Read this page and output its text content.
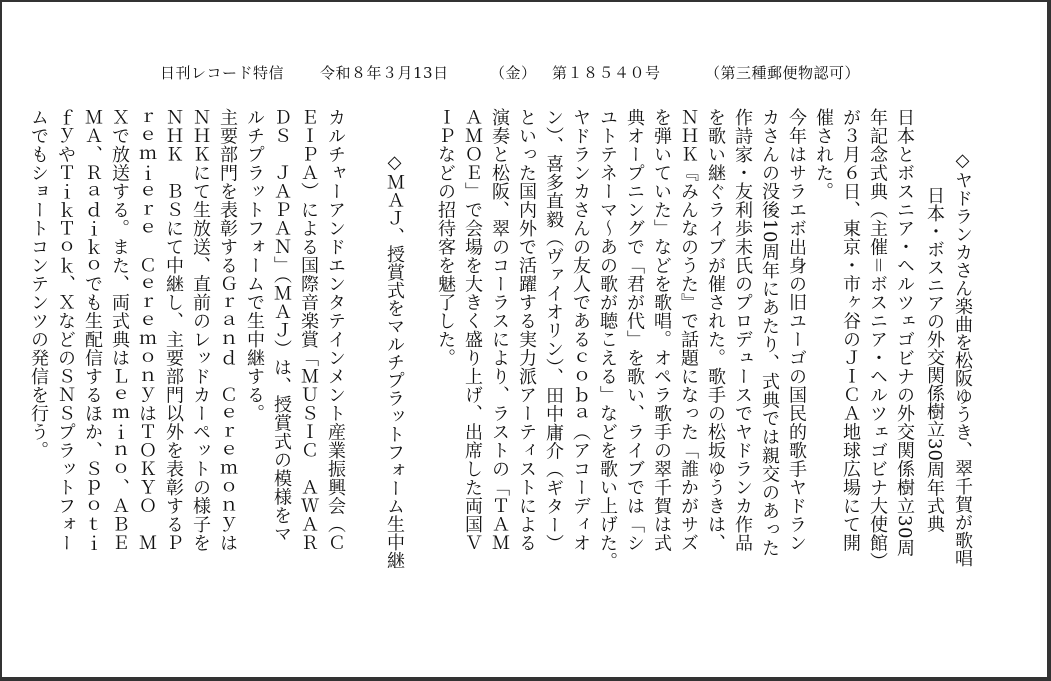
日刊レコード特信 令和８年３月13日	（金） 第１８５４０号	（第三種郵便物認可）
◇ヤドランカさん楽曲を松阪ゆうき、翠千賀が歌唱
日本・ボスニアの外交関係樹立30周年式典
日本とボスニア・ヘルツェゴビナの外交関係樹立30周
年記念式典（主催＝ボスニア・ヘルツェゴビナ大使館）
が３月６日、東京・市ヶ谷のＪＩＣＡ地球広場にて開
催された。
今年はサラエボ出身の旧ユーゴの国民的歌手ヤドラン
カさんの没後10周年にあたり、式典では親交のあった
作詩家・友利歩未氏のプロデュースでヤドランカ作品
を歌い継ぐライブが催された。歌手の松坂ゆうきは、
ＮＨＫ『みんなのうた』で話題になった「誰かがサズ
を弾いていた」などを歌唱。オペラ歌手の翠千賀は式
典オープニングで「君が代」を歌い、ライブでは「シ
ユトテネーマ〜あの歌が聴こえる」などを歌い上げた。
ヤドランカさんの友人であるｃｏｂａ（アコーディオ
ン）、喜多直毅（ヴァイオリン）、田中庸介（ギター）
といった国内外で活躍する実力派アーティストによる
演奏と松阪、翠のコーラスにより、ラストの「ＴＡＭ
ＡＭＯＥ」で会場を大きく盛り上げ、出席した両国Ｖ
ＩＰなどの招待客を魅了した。
◇ＭＡＪ、授賞式をマルチプラットフォーム生中継
カルチャーアンドエンタテインメント産業振興会（Ｃ
ＥＩＰＡ）による国際音楽賞「ＭＵＳＩＣ　ＡＷＡＲ
ＤＳ　ＪＡＰＡＮ」（ＭＡＪ）は、授賞式の模様をマ
ルチプラットフォームで生中継する。
主要部門を表彰するＧｒａｎｄ　Ｃｅｒｅｍｏｎｙは
ＮＨＫにて生放送、直前のレッドカーペットの様子を
ＮＨＫ　ＢＳにて中継し、主要部門以外を表彰するＰ
ｒｅｍｉｅｒｅ　ＣｅｒｅｍｏｎｙはＴＯＫＹＯ　Ｍ
Ｘで放送する。また、両式典はＬｅｍｉｎｏ、ＡＢＥ
ＭＡ、Ｒａｄｉｋｏでも生配信するほか、Ｓｐｏｔｉ
ｆｙやＴｉｋＴｏｋ、ＸなどのＳＮＳプラットフォー
ムでもショートコンテンツの発信を行う。
